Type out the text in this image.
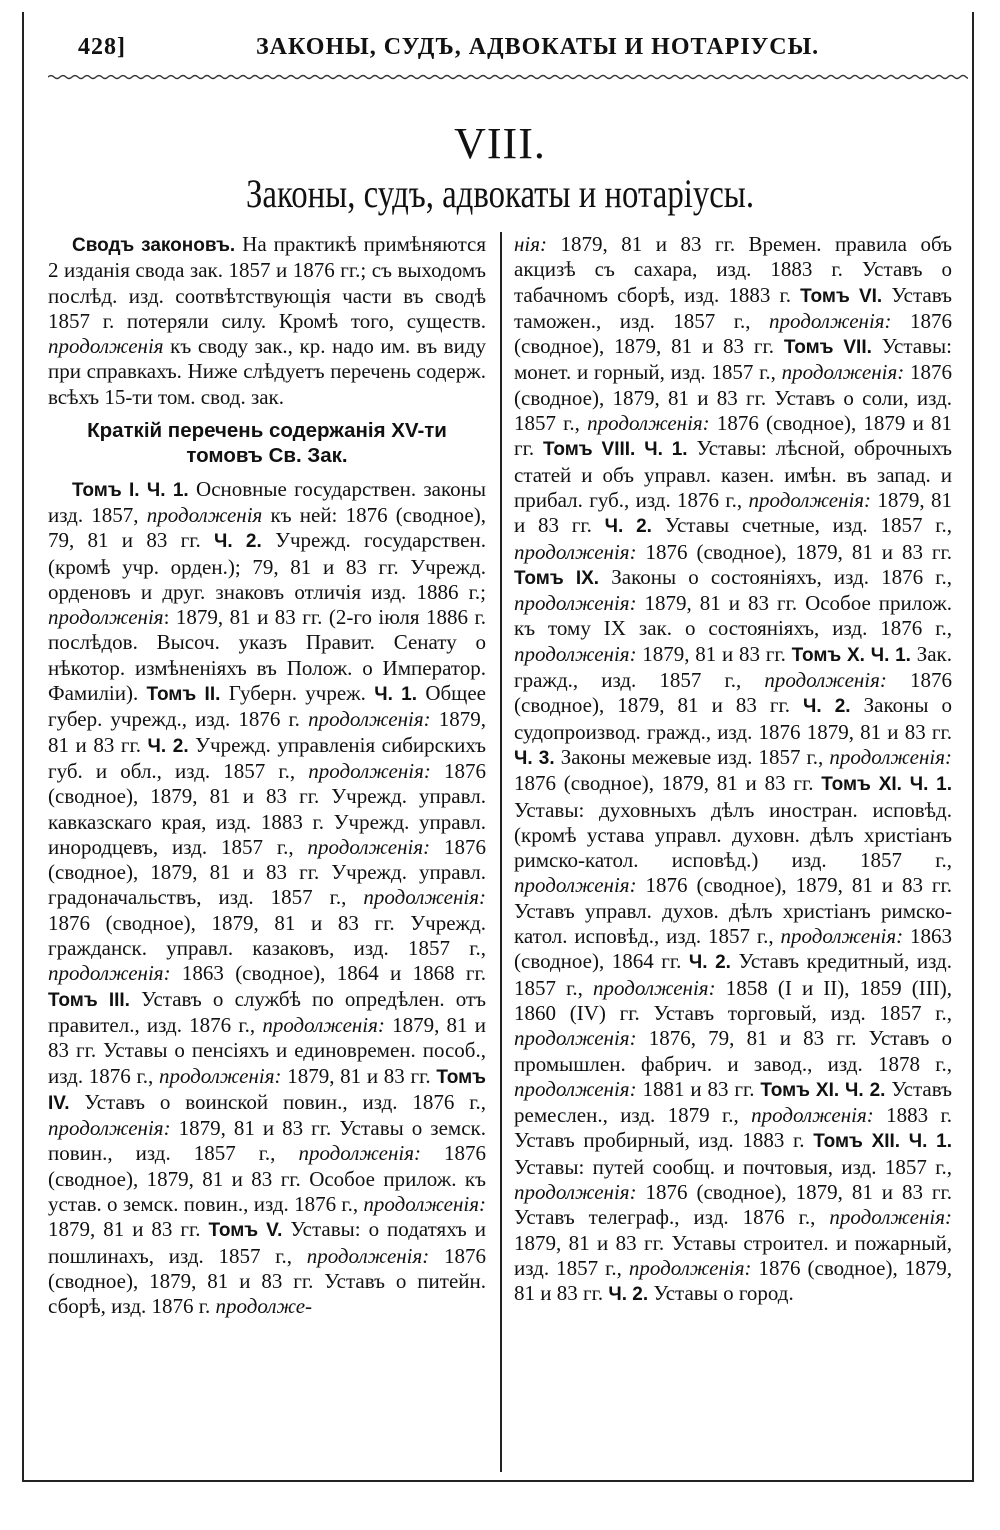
428]	ЗАКОНЫ, СУДЪ, АДВОКАТЫ И НОТАРІУСЫ.
VIII.
Законы, судъ, адвокаты и нотаріусы.

Сводъ законовъ. На практикѣ примѣняются 2 изданія свода зак. 1857 и 1876 гг.; съ выходомъ послѣд. изд. соотвѣтствующія части въ сводѣ 1857 г. потеряли силу. Кромѣ того, существ. продолженія къ своду зак., кр. надо им. въ виду при справкахъ. Ниже слѣдуетъ перечень содерж. всѣхъ 15-ти том. свод. зак.

Краткій перечень содержанія XV-ти томовъ Св. Зак.

Томъ I. Ч. 1. Основные государствен. законы изд. 1857, продолженія къ ней: 1876 (сводное), 79, 81 и 83 гг. Ч. 2. Учрежд. государствен. (кромѣ учр. орден.); 79, 81 и 83 гг. Учрежд. орденовъ и друг. знаковъ отличія изд. 1886 г.; продолженія: 1879, 81 и 83 гг. (2-го іюля 1886 г. послѣдов. Высоч. указъ Правит. Сенату о нѣкотор. измѣненіяхъ въ Полож. о Император. Фамиліи). Томъ II. Губерн. учреж. Ч. 1. Общее губер. учрежд., изд. 1876 г. продолженія: 1879, 81 и 83 гг. Ч. 2. Учрежд. управленія сибирскихъ губ. и обл., изд. 1857 г., продолженія: 1876 (сводное), 1879, 81 и 83 гг. Учрежд. управл. кавказскаго края, изд. 1883 г. Учрежд. управл. инородцевъ, изд. 1857 г., продолженія: 1876 (сводное), 1879, 81 и 83 гг. Учрежд. управл. градоначальствъ, изд. 1857 г., продолженія: 1876 (сводное), 1879, 81 и 83 гг. Учрежд. гражданск. управл. казаковъ, изд. 1857 г., продолженія: 1863 (сводное), 1864 и 1868 гг. Томъ III. Уставъ о службѣ по опредѣлен. отъ правител., изд. 1876 г., продолженія: 1879, 81 и 83 гг. Уставы о пенсіяхъ и единовремен. пособ., изд. 1876 г., продолженія: 1879, 81 и 83 гг. Томъ IV. Уставъ о воинской повин., изд. 1876 г., продолженія: 1879, 81 и 83 гг. Уставы о земск. повин., изд. 1857 г., продолженія: 1876 (сводное), 1879, 81 и 83 гг. Особое прилож. къ устав. о земск. повин., изд. 1876 г., продолженія: 1879, 81 и 83 гг. Томъ V. Уставы: о податяхъ и пошлинахъ, изд. 1857 г., продолженія: 1876 (сводное), 1879, 81 и 83 гг. Уставъ о питейн. сборѣ, изд. 1876 г. продолже-

нія: 1879, 81 и 83 гг. Времен. правила объ акцизѣ съ сахара, изд. 1883 г. Уставъ о табачномъ сборѣ, изд. 1883 г. Томъ VI. Уставъ таможен., изд. 1857 г., продолженія: 1876 (сводное), 1879, 81 и 83 гг. Томъ VII. Уставы: монет. и горный, изд. 1857 г., продолженія: 1876 (сводное), 1879, 81 и 83 гг. Уставъ о соли, изд. 1857 г., продолженія: 1876 (сводное), 1879 и 81 гг. Томъ VIII. Ч. 1. Уставы: лѣсной, оброчныхъ статей и объ управл. казен. имѣн. въ запад. и прибал. губ., изд. 1876 г., продолженія: 1879, 81 и 83 гг. Ч. 2. Уставы счетные, изд. 1857 г., продолженія: 1876 (сводное), 1879, 81 и 83 гг. Томъ IX. Законы о состояніяхъ, изд. 1876 г., продолженія: 1879, 81 и 83 гг. Особое прилож. къ тому IX зак. о состояніяхъ, изд. 1876 г., продолженія: 1879, 81 и 83 гг. Томъ X. Ч. 1. Зак. гражд., изд. 1857 г., продолженія: 1876 (сводное), 1879, 81 и 83 гг. Ч. 2. Законы о судопроизвод. гражд., изд. 1876 1879, 81 и 83 гг. Ч. 3. Законы межевые изд. 1857 г., продолженія: 1876 (сводное), 1879, 81 и 83 гг. Томъ XI. Ч. 1. Уставы: духовныхъ дѣлъ иностран. исповѣд. (кромѣ устава управл. духовн. дѣлъ христіанъ римско-катол. исповѣд.) изд. 1857 г., продолженія: 1876 (сводное), 1879, 81 и 83 гг. Уставъ управл. духов. дѣлъ христіанъ римско-катол. исповѣд., изд. 1857 г., продолженія: 1863 (сводное), 1864 гг. Ч. 2. Уставъ кредитный, изд. 1857 г., продолженія: 1858 (I и II), 1859 (III), 1860 (IV) гг. Уставъ торговый, изд. 1857 г., продолженія: 1876, 79, 81 и 83 гг. Уставъ о промышлен. фабрич. и завод., изд. 1878 г., продолженія: 1881 и 83 гг. Томъ XI. Ч. 2. Уставъ ремеслен., изд. 1879 г., продолженія: 1883 г. Уставъ пробирный, изд. 1883 г. Томъ XII. Ч. 1. Уставы: путей сообщ. и почтовыя, изд. 1857 г., продолженія: 1876 (сводное), 1879, 81 и 83 гг. Уставъ телеграф., изд. 1876 г., продолженія: 1879, 81 и 83 гг. Уставы строител. и пожарный, изд. 1857 г., продолженія: 1876 (сводное), 1879, 81 и 83 гг. Ч. 2. Уставы о город.
